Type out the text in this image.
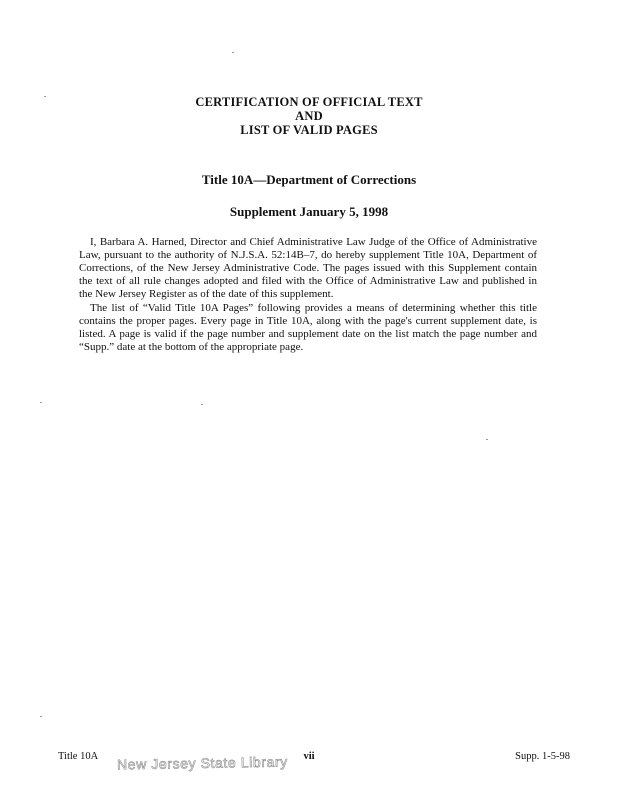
CERTIFICATION OF OFFICIAL TEXT
AND
LIST OF VALID PAGES
Title 10A—Department of Corrections
Supplement January 5, 1998

I, Barbara A. Harned, Director and Chief Administrative Law Judge of the Office of Administrative Law, pursuant to the authority of N.J.S.A. 52:14B–7, do hereby supplement Title 10A, Department of Corrections, of the New Jersey Administrative Code. The pages issued with this Supplement contain the text of all rule changes adopted and filed with the Office of Administrative Law and published in the New Jersey Register as of the date of this supplement.

The list of “Valid Title 10A Pages” following provides a means of determining whether this title contains the proper pages. Every page in Title 10A, along with the page's current supplement date, is listed. A page is valid if the page number and supplement date on the list match the page number and “Supp.” date at the bottom of the appropriate page.

Title 10A New Jersey State Library	vii	Supp. 1-5-98
